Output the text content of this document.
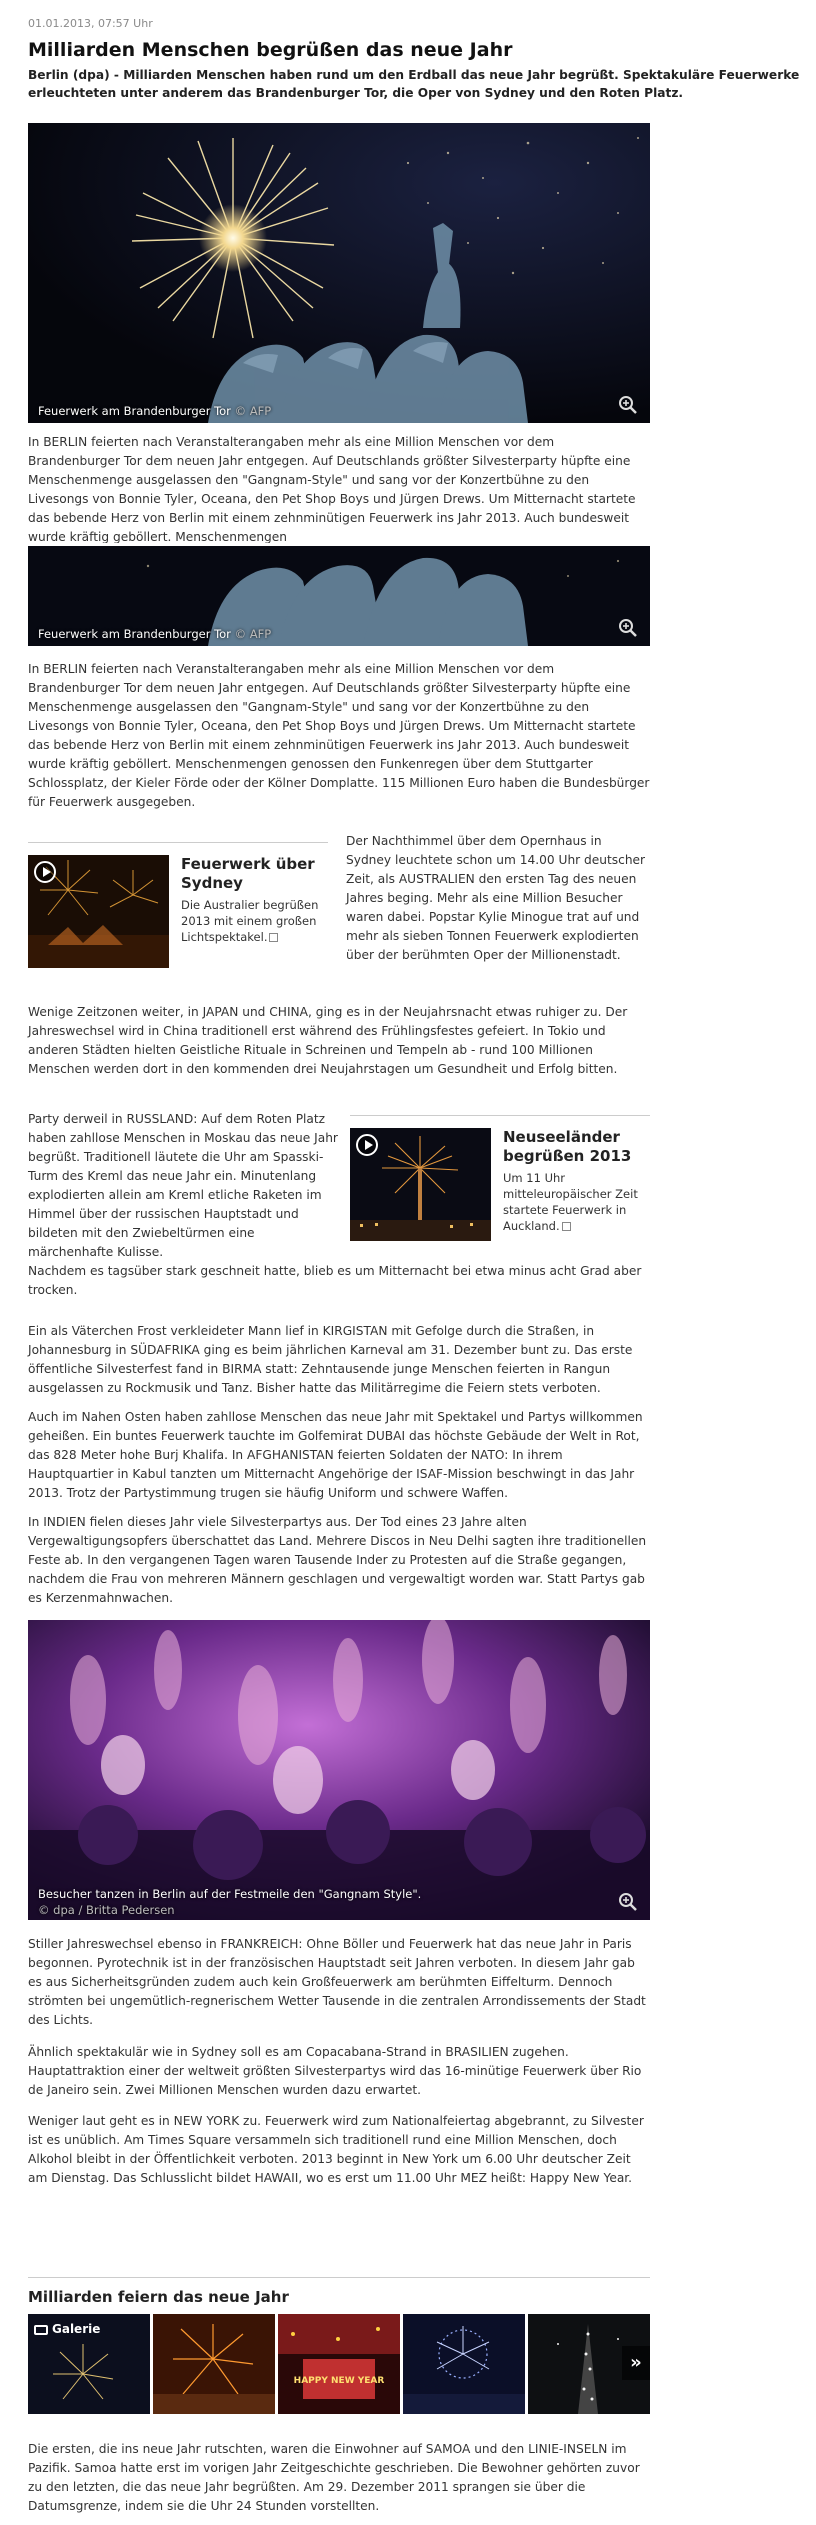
01.01.2013, 07:57 Uhr
Milliarden Menschen begrüßen das neue Jahr

Berlin (dpa) - Milliarden Menschen haben rund um den Erdball das neue Jahr begrüßt. Spektakuläre Feuerwerke erleuchteten unter anderem das Brandenburger Tor, die Oper von Sydney und den Roten Platz.

Feuerwerk am Brandenburger Tor © AFP
In BERLIN feierten nach Veranstalterangaben mehr als eine Million Menschen vor dem Brandenburger Tor dem neuen Jahr entgegen. Auf Deutschlands größter Silvesterparty hüpfte eine Menschenmenge ausgelassen den "Gangnam-Style" und sang vor der Konzertbühne zu den Livesongs von Bonnie Tyler, Oceana, den Pet Shop Boys und Jürgen Drews. Um Mitternacht startete das bebende Herz von Berlin mit einem zehnminütigen Feuerwerk ins Jahr 2013. Auch bundesweit wurde kräftig geböllert. Menschenmengen
Feuerwerk am Brandenburger Tor © AFP

In BERLIN feierten nach Veranstalterangaben mehr als eine Million Menschen vor dem Brandenburger Tor dem neuen Jahr entgegen. Auf Deutschlands größter Silvesterparty hüpfte eine Menschenmenge ausgelassen den "Gangnam-Style" und sang vor der Konzertbühne zu den Livesongs von Bonnie Tyler, Oceana, den Pet Shop Boys und Jürgen Drews. Um Mitternacht startete das bebende Herz von Berlin mit einem zehnminütigen Feuerwerk ins Jahr 2013. Auch bundesweit wurde kräftig geböllert. Menschenmengen genossen den Funkenregen über dem Stuttgarter Schlossplatz, der Kieler Förde oder der Kölner Domplatte. 115 Millionen Euro haben die Bundesbürger für Feuerwerk ausgegeben.

Feuerwerk über Sydney

Die Australier begrüßen 2013 mit einem großen Lichtspektakel.

Der Nachthimmel über dem Opernhaus in Sydney leuchtete schon um 14.00 Uhr deutscher Zeit, als AUSTRALIEN den ersten Tag des neuen Jahres beging. Mehr als eine Million Besucher waren dabei. Popstar Kylie Minogue trat auf und mehr als sieben Tonnen Feuerwerk explodierten über der berühmten Oper der Millionenstadt.

Wenige Zeitzonen weiter, in JAPAN und CHINA, ging es in der Neujahrsnacht etwas ruhiger zu. Der Jahreswechsel wird in China traditionell erst während des Frühlingsfestes gefeiert. In Tokio und anderen Städten hielten Geistliche Rituale in Schreinen und Tempeln ab - rund 100 Millionen Menschen werden dort in den kommenden drei Neujahrstagen um Gesundheit und Erfolg bitten.

Party derweil in RUSSLAND: Auf dem Roten Platz haben zahllose Menschen in Moskau das neue Jahr begrüßt. Traditionell läutete die Uhr am Spasski-Turm des Kreml das neue Jahr ein. Minutenlang explodierten allein am Kreml etliche Raketen im Himmel über der russischen Hauptstadt und bildeten mit den Zwiebeltürmen eine märchenhafte Kulisse.

Neuseeländer begrüßen 2013

Um 11 Uhr mitteleuropäischer Zeit startete Feuerwerk in Auckland.

Nachdem es tagsüber stark geschneit hatte, blieb es um Mitternacht bei etwa minus acht Grad aber trocken.

Ein als Väterchen Frost verkleideter Mann lief in KIRGISTAN mit Gefolge durch die Straßen, in Johannesburg in SÜDAFRIKA ging es beim jährlichen Karneval am 31. Dezember bunt zu. Das erste öffentliche Silvesterfest fand in BIRMA statt: Zehntausende junge Menschen feierten in Rangun ausgelassen zu Rockmusik und Tanz. Bisher hatte das Militärregime die Feiern stets verboten.

Auch im Nahen Osten haben zahllose Menschen das neue Jahr mit Spektakel und Partys willkommen geheißen. Ein buntes Feuerwerk tauchte im Golfemirat DUBAI das höchste Gebäude der Welt in Rot, das 828 Meter hohe Burj Khalifa. In AFGHANISTAN feierten Soldaten der NATO: In ihrem Hauptquartier in Kabul tanzten um Mitternacht Angehörige der ISAF-Mission beschwingt in das Jahr 2013. Trotz der Partystimmung trugen sie häufig Uniform und schwere Waffen.

In INDIEN fielen dieses Jahr viele Silvesterpartys aus. Der Tod eines 23 Jahre alten Vergewaltigungsopfers überschattet das Land. Mehrere Discos in Neu Delhi sagten ihre traditionellen Feste ab. In den vergangenen Tagen waren Tausende Inder zu Protesten auf die Straße gegangen, nachdem die Frau von mehreren Männern geschlagen und vergewaltigt worden war. Statt Partys gab es Kerzenmahnwachen.

Besucher tanzen in Berlin auf der Festmeile den "Gangnam Style".
© dpa / Britta Pedersen

Stiller Jahreswechsel ebenso in FRANKREICH: Ohne Böller und Feuerwerk hat das neue Jahr in Paris begonnen. Pyrotechnik ist in der französischen Hauptstadt seit Jahren verboten. In diesem Jahr gab es aus Sicherheitsgründen zudem auch kein Großfeuerwerk am berühmten Eiffelturm. Dennoch strömten bei ungemütlich-regnerischem Wetter Tausende in die zentralen Arrondissements der Stadt des Lichts.

Ähnlich spektakulär wie in Sydney soll es am Copacabana-Strand in BRASILIEN zugehen. Hauptattraktion einer der weltweit größten Silvesterpartys wird das 16-minütige Feuerwerk über Rio de Janeiro sein. Zwei Millionen Menschen wurden dazu erwartet.

Weniger laut geht es in NEW YORK zu. Feuerwerk wird zum Nationalfeiertag abgebrannt, zu Silvester ist es unüblich. Am Times Square versammeln sich traditionell rund eine Million Menschen, doch Alkohol bleibt in der Öffentlichkeit verboten. 2013 beginnt in New York um 6.00 Uhr deutscher Zeit am Dienstag. Das Schlusslicht bildet HAWAII, wo es erst um 11.00 Uhr MEZ heißt: Happy New Year.

Milliarden feiern das neue Jahr
Galerie
HAPPY NEW YEAR
»

Die ersten, die ins neue Jahr rutschten, waren die Einwohner auf SAMOA und den LINIE-INSELN im Pazifik. Samoa hatte erst im vorigen Jahr Zeitgeschichte geschrieben. Die Bewohner gehörten zuvor zu den letzten, die das neue Jahr begrüßten. Am 29. Dezember 2011 sprangen sie über die Datumsgrenze, indem sie die Uhr 24 Stunden vorstellten.
